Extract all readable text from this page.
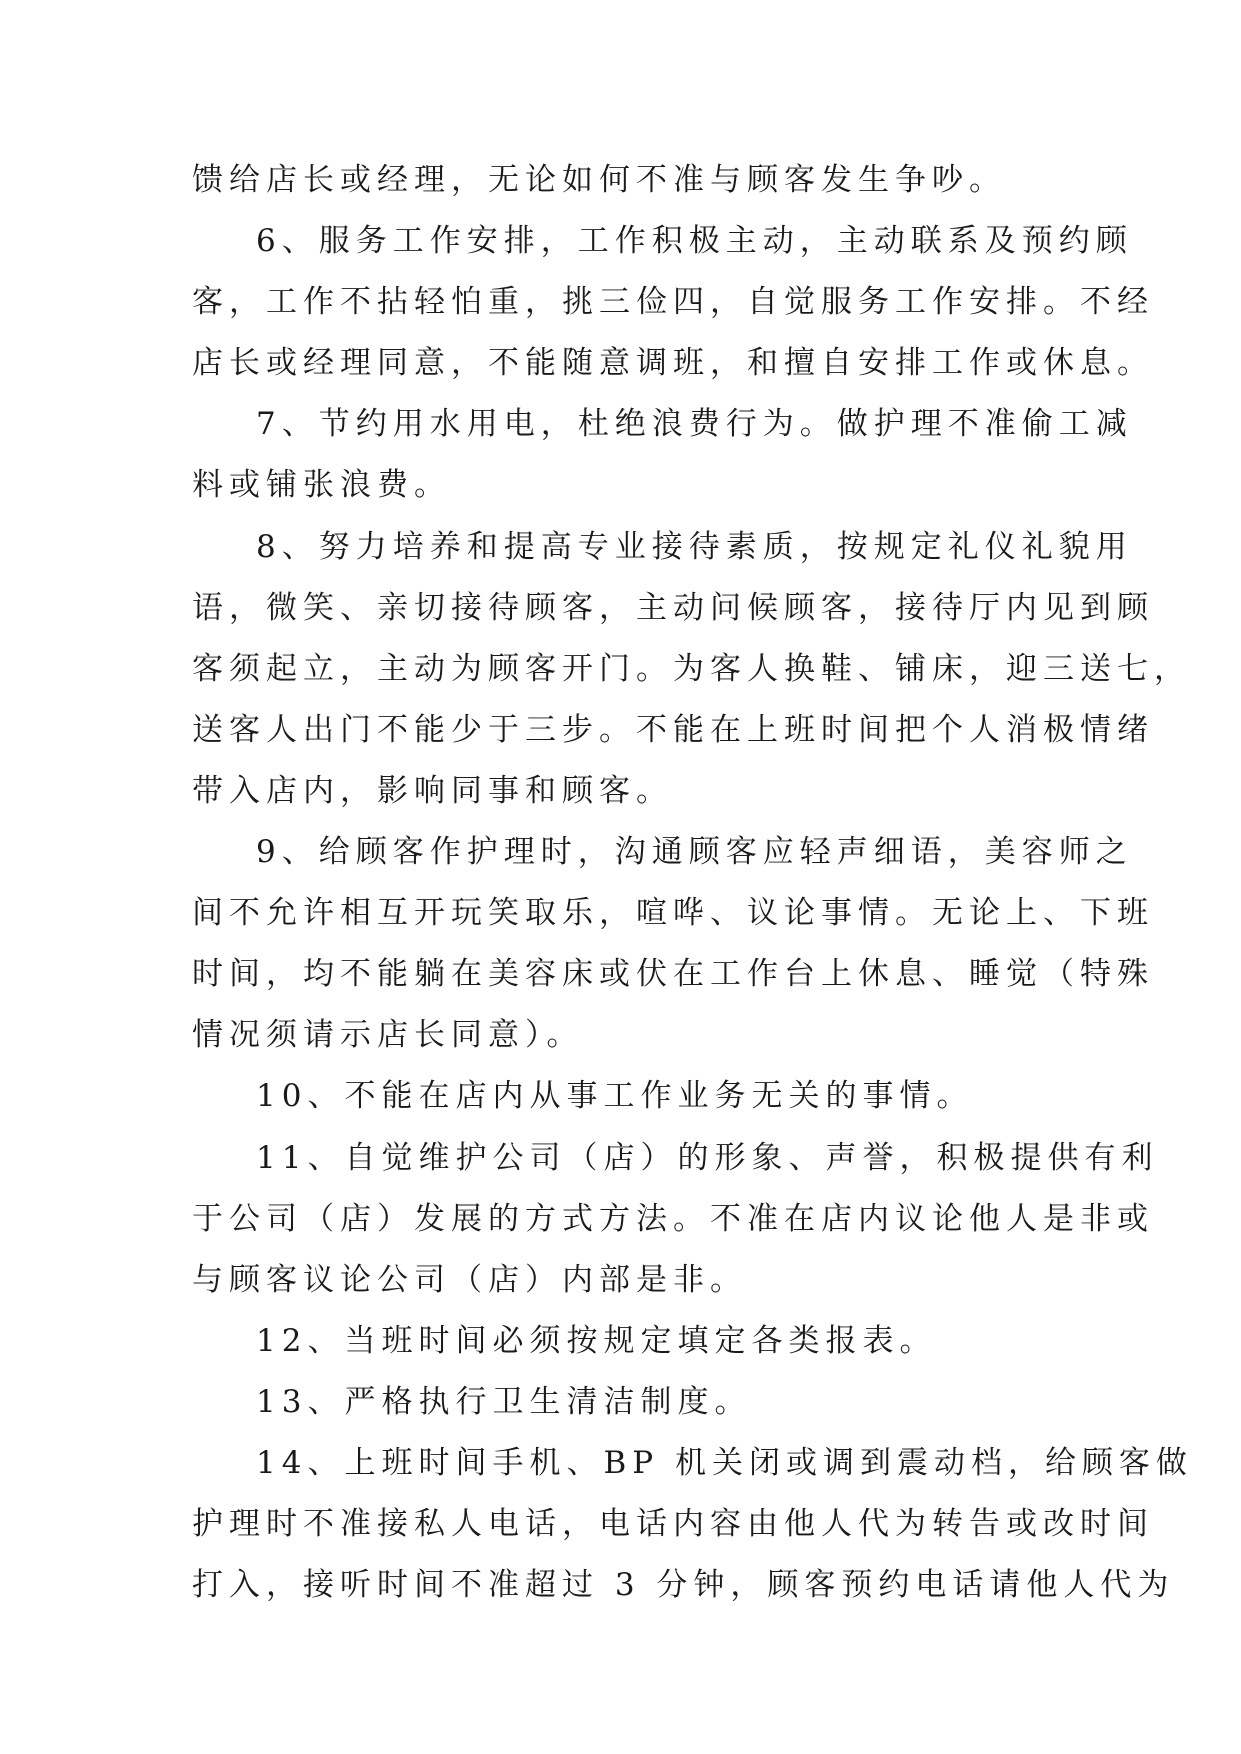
馈给店长或经理，无论如何不准与顾客发生争吵。
6、服务工作安排，工作积极主动，主动联系及预约顾
客，工作不拈轻怕重，挑三俭四，自觉服务工作安排。不经
店长或经理同意，不能随意调班，和擅自安排工作或休息。
7、节约用水用电，杜绝浪费行为。做护理不准偷工减
料或铺张浪费。
8、努力培养和提高专业接待素质，按规定礼仪礼貌用
语，微笑、亲切接待顾客，主动问候顾客，接待厅内见到顾
客须起立，主动为顾客开门。为客人换鞋、铺床，迎三送七，
送客人出门不能少于三步。不能在上班时间把个人消极情绪
带入店内，影响同事和顾客。
9、给顾客作护理时，沟通顾客应轻声细语，美容师之
间不允许相互开玩笑取乐，喧哗、议论事情。无论上、下班
时间，均不能躺在美容床或伏在工作台上休息、睡觉（特殊
情况须请示店长同意）。
10、不能在店内从事工作业务无关的事情。
11、自觉维护公司（店）的形象、声誉，积极提供有利
于公司（店）发展的方式方法。不准在店内议论他人是非或
与顾客议论公司（店）内部是非。
12、当班时间必须按规定填定各类报表。
13、严格执行卫生清洁制度。
14、上班时间手机、BP 机关闭或调到震动档，给顾客做
护理时不准接私人电话，电话内容由他人代为转告或改时间
打入，接听时间不准超过 3 分钟，顾客预约电话请他人代为
